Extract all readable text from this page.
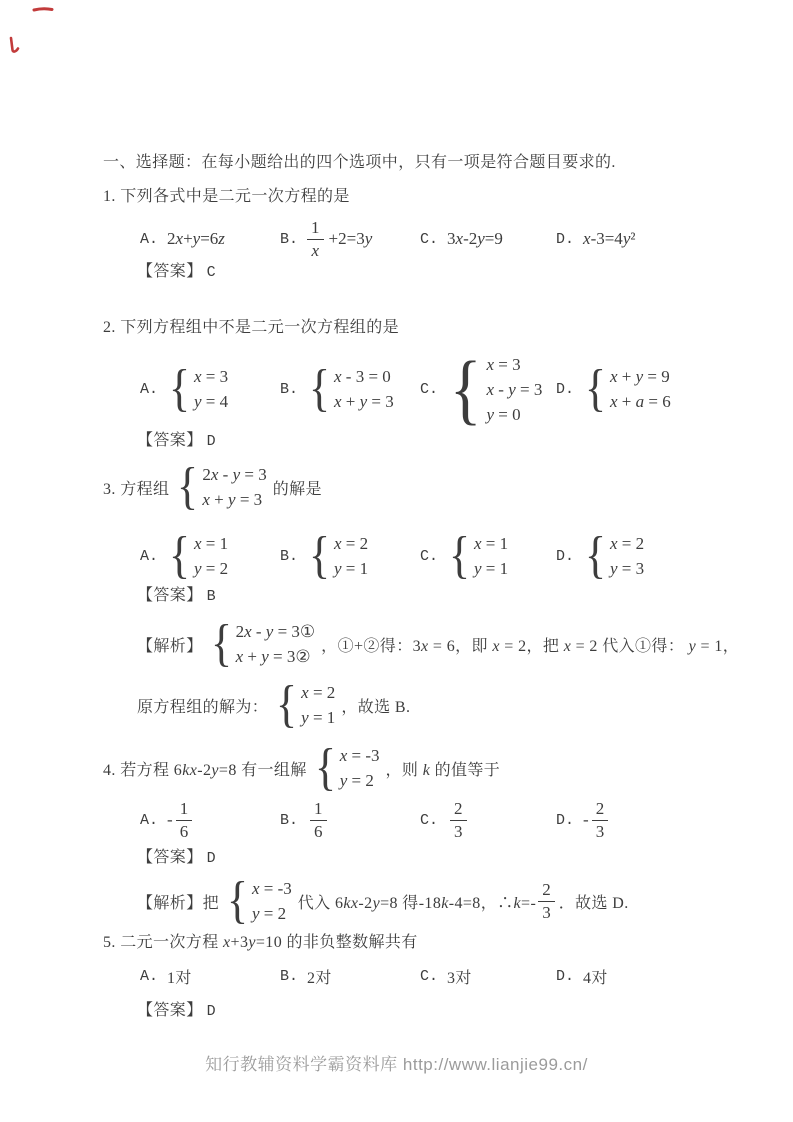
一、选择题：在每小题给出的四个选项中，只有一项是符合题目要求的.
1. 下列各式中是二元一次方程的是
A. 2x+y=6z	B. $\frac{1}{x} +2=3y$	C. 3x-2y=9	D. x-3=4y²
【答案】 C
2. 下列方程组中不是二元一次方程组的是
A. { x = 3
y = 4
B. { x - 3 = 0
x + y = 3
C. { x = 3
x - y = 3
y = 0
D. { x + y = 9
x + a = 6
【答案】 D
3. 方程组 { 2x - y = 3
x + y = 3
的解是
A. { x = 1
y = 2
B. { x = 2
y = 1
C. { x = 1
y = 1
D. { x = 2
y = 3
【答案】 B
【解析】 { 2x - y = 3①
x + y = 3②
，①+②得：3x = 6，即 x = 2，把 x = 2 代入①得： y = 1，
原方程组的解为： { x = 2
y = 1
，故选 B.
4. 若方程 6kx-2y=8 有一组解 { x = -3
y = 2
，则 k 的值等于
A. - $\frac{1}{6}$	B. $\frac{1}{6}$	C. $\frac{2}{3}$	D. - $\frac{2}{3}$
【答案】 D
【解析】把 { x = -3
y = 2
代入 6kx-2y=8 得-18k-4=8，∴k=- $\frac{2}{3}$ ．故选 D.
5. 二元一次方程 x+3y=10 的非负整数解共有
A. 1对	B. 2对	C. 3对	D. 4对
【答案】 D
知行教辅资料学霸资料库 http://www.lianjie99.cn/
